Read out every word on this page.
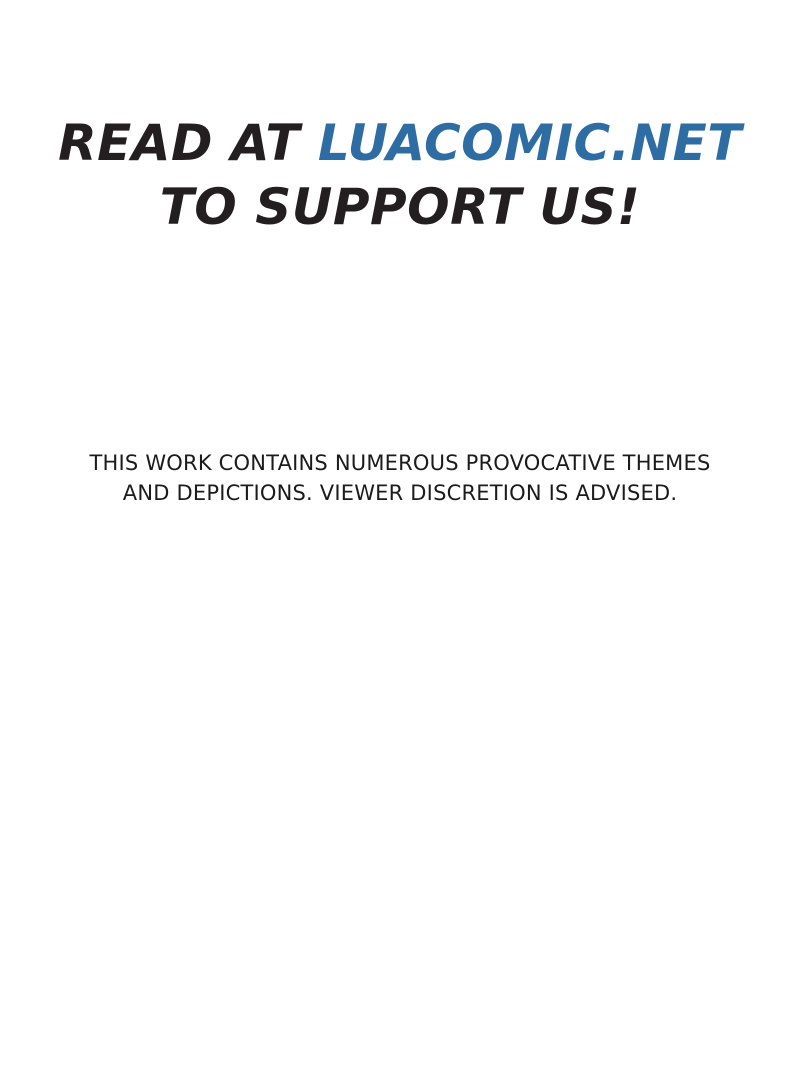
READ AT LUACOMIC.NET
TO SUPPORT US!
THIS WORK CONTAINS NUMEROUS PROVOCATIVE THEMES
AND DEPICTIONS. VIEWER DISCRETION IS ADVISED.
